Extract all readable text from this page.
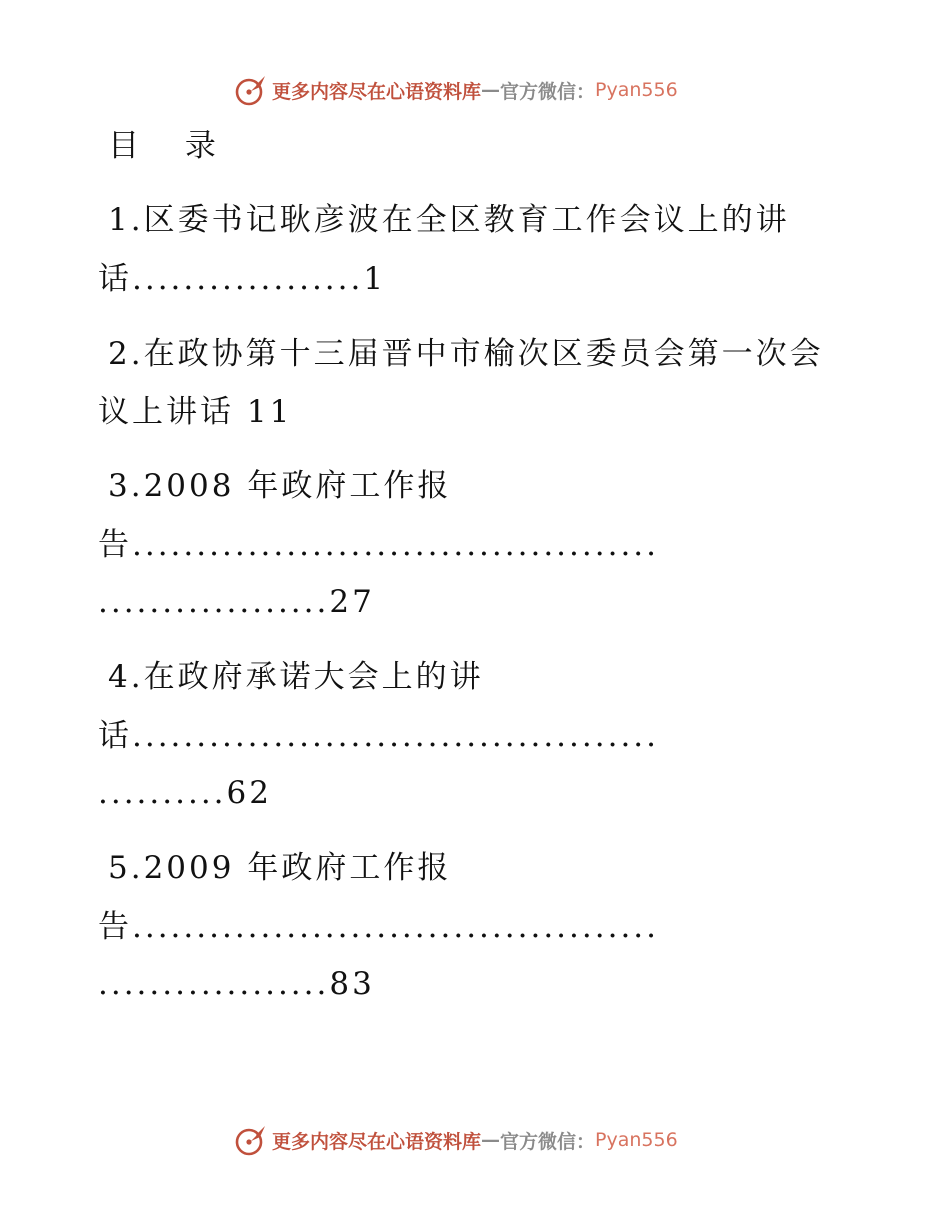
更多内容尽在心语资料库 — 官方微信： Pyan556
目 录
1.区委书记耿彦波在全区教育工作会议上的讲
话..................1
2.在政协第十三届晋中市榆次区委员会第一次会
议上讲话 11
3.2008 年政府工作报
告.........................................
..................27
4.在政府承诺大会上的讲
话.........................................
..........62
5.2009 年政府工作报
告.........................................
..................83
更多内容尽在心语资料库 — 官方微信： Pyan556
